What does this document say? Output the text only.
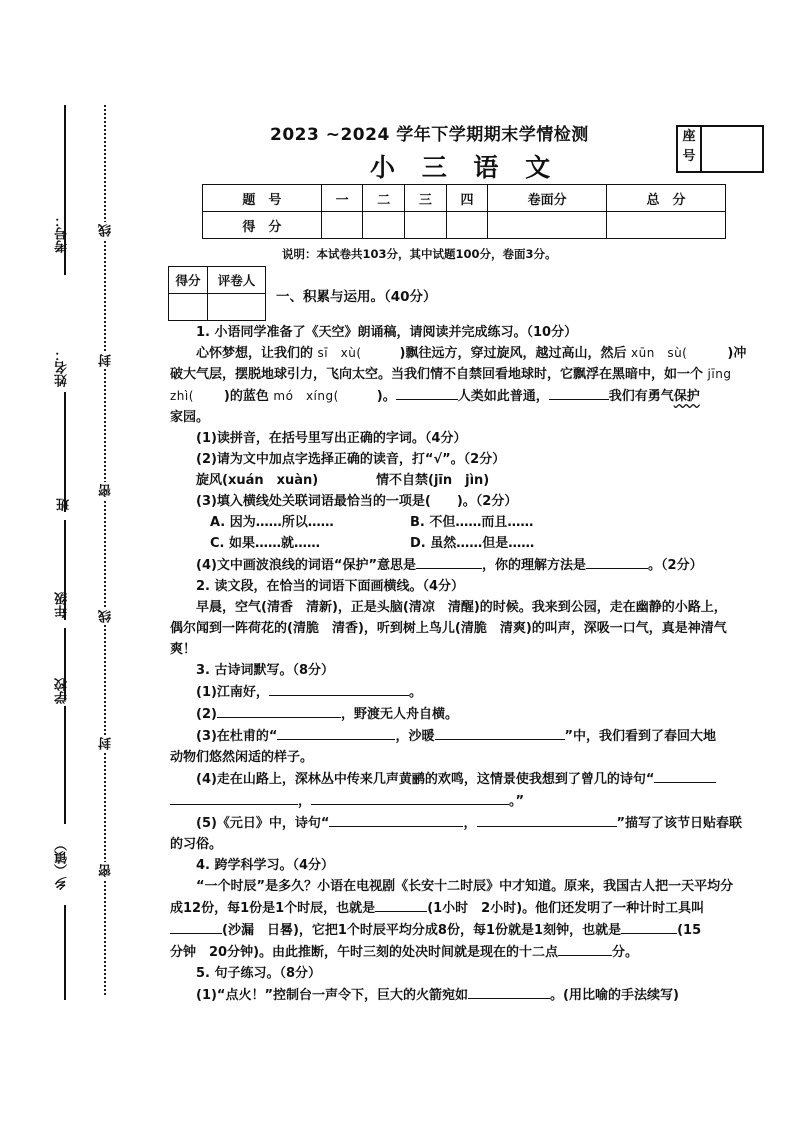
考号：
姓名：
班
年级
学校
乡（镇）
线
封
密
线
封
密
2023 ~2024 学年下学期期末学情检测
小 三 语 文
座号
题　号	一	二	三	四	卷面分	总　分
得　分						
说明：本试卷共103分，其中试题100分，卷面3分。
得分	评卷人

一、积累与运用。（40分）

1. 小语同学准备了《天空》朗诵稿，请阅读并完成练习。（10分）

心怀梦想，让我们的 sī　xù(	)飘往远方，穿过旋风，越过高山，然后 xūn　sù(	)冲

破大气层，摆脱地球引力，飞向太空。当我们情不自禁回看地球时，它飘浮在黑暗中，如一个 jīng

zhì( )的蓝色 mó　xíng(	)。	人类如此普通，	我们有勇气保护

家园。

(1)读拼音，在括号里写出正确的字词。（4分）

(2)请为文中加点字选择正确的读音，打“√”。（2分）

旋风(xuán　xuàn)	情不自禁(jīn　jìn)

(3)填入横线处关联词语最恰当的一项是(　　)。（2分）

A. 因为……所以……	B. 不但……而且……
C. 如果……就……	D. 虽然……但是……

(4)文中画波浪线的词语“保护”意思是	，你的理解方法是	。（2分）

2. 读文段，在恰当的词语下面画横线。（4分）

早晨，空气(清香　清新)，正是头脑(清凉　清醒)的时候。我来到公园，走在幽静的小路上，

偶尔闻到一阵荷花的(清脆　清香)，听到树上鸟儿(清脆　清爽)的叫声，深吸一口气，真是神清气

爽！

3. 古诗词默写。（8分）

(1)江南好，	。

(2)	，野渡无人舟自横。

(3)在杜甫的“	，沙暖	”中，我们看到了春回大地

动物们悠然闲适的样子。

(4)走在山路上，深林丛中传来几声黄鹂的欢鸣，这情景使我想到了曾几的诗句“

，	。”

(5)《元日》中，诗句“	，	”描写了该节日贴春联

的习俗。

4. 跨学科学习。（4分）

“一个时辰”是多久？小语在电视剧《长安十二时辰》中才知道。原来，我国古人把一天平均分

成12份，每1份是1个时辰，也就是	(1小时　2小时)。他们还发明了一种计时工具叫

(沙漏　日晷)，它把1个时辰平均分成8份，每1份就是1刻钟，也就是	(15

分钟　20分钟)。由此推断，午时三刻的处决时间就是现在的十二点	分。

5. 句子练习。（8分）

(1)“点火！”控制台一声令下，巨大的火箭宛如	。(用比喻的手法续写)
